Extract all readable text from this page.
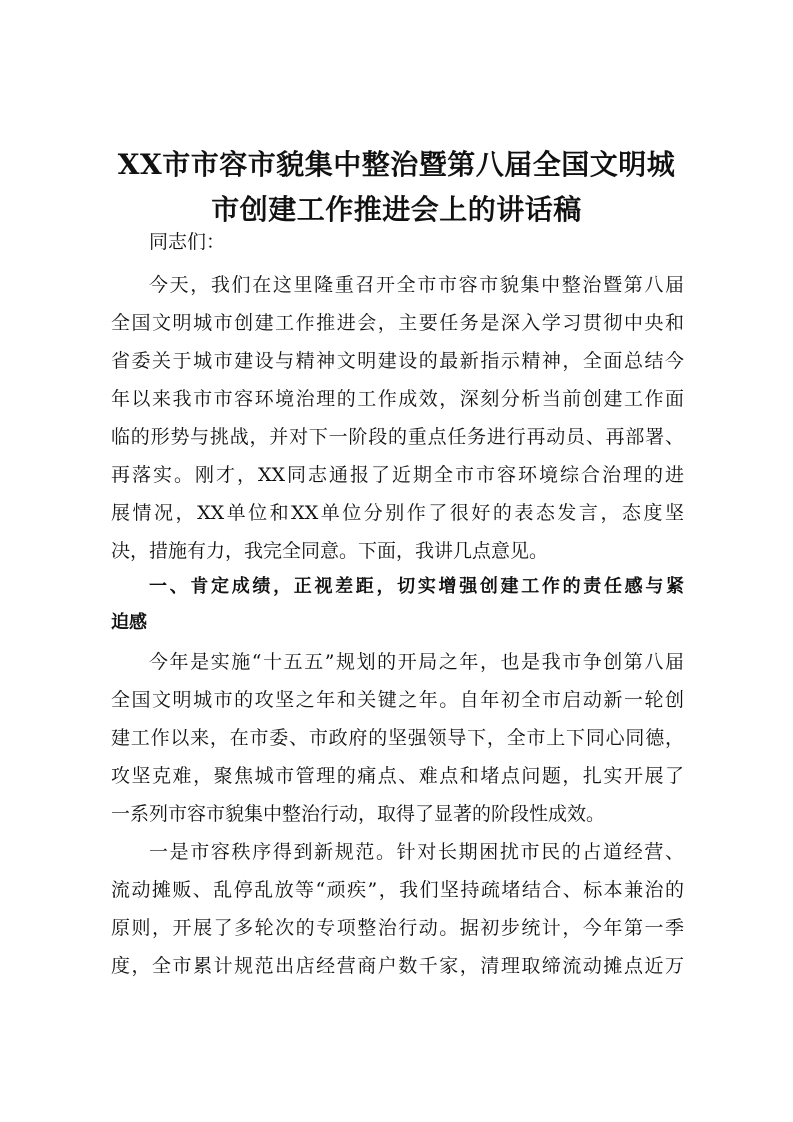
XX市市容市貌集中整治暨第八届全国文明城
市创建工作推进会上的讲话稿
同志们：
今天，我们在这里隆重召开全市市容市貌集中整治暨第八届
全国文明城市创建工作推进会，主要任务是深入学习贯彻中央和
省委关于城市建设与精神文明建设的最新指示精神，全面总结今
年以来我市市容环境治理的工作成效，深刻分析当前创建工作面
临的形势与挑战，并对下一阶段的重点任务进行再动员、再部署、
再落实。刚才，XX同志通报了近期全市市容环境综合治理的进
展情况，XX单位和XX单位分别作了很好的表态发言，态度坚
决，措施有力，我完全同意。下面，我讲几点意见。
一、肯定成绩，正视差距，切实增强创建工作的责任感与紧
迫感
今年是实施“十五五”规划的开局之年，也是我市争创第八届
全国文明城市的攻坚之年和关键之年。自年初全市启动新一轮创
建工作以来，在市委、市政府的坚强领导下，全市上下同心同德，
攻坚克难，聚焦城市管理的痛点、难点和堵点问题，扎实开展了
一系列市容市貌集中整治行动，取得了显著的阶段性成效。
一是市容秩序得到新规范。针对长期困扰市民的占道经营、
流动摊贩、乱停乱放等“顽疾”，我们坚持疏堵结合、标本兼治的
原则，开展了多轮次的专项整治行动。据初步统计，今年第一季
度，全市累计规范出店经营商户数千家，清理取缔流动摊点近万
